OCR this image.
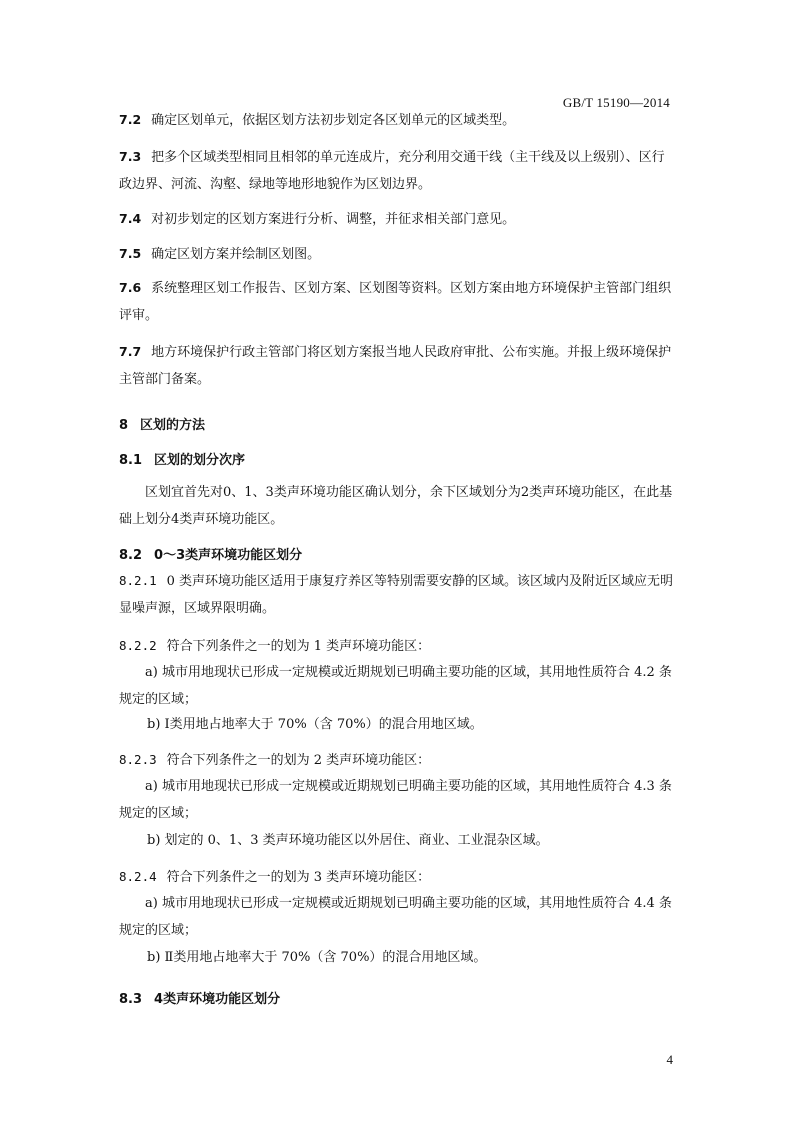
GB/T 15190—2014
7.2 确定区划单元，依据区划方法初步划定各区划单元的区域类型。
7.3 把多个区域类型相同且相邻的单元连成片，充分利用交通干线（主干线及以上级别）、区行政边界、河流、沟壑、绿地等地形地貌作为区划边界。
7.4 对初步划定的区划方案进行分析、调整，并征求相关部门意见。
7.5 确定区划方案并绘制区划图。
7.6 系统整理区划工作报告、区划方案、区划图等资料。区划方案由地方环境保护主管部门组织评审。
7.7 地方环境保护行政主管部门将区划方案报当地人民政府审批、公布实施。并报上级环境保护主管部门备案。
8 区划的方法
8.1 区划的划分次序
区划宜首先对0、1、3类声环境功能区确认划分，余下区域划分为2类声环境功能区，在此基础上划分4类声环境功能区。
8.2 0～3类声环境功能区划分
8.2.1 0 类声环境功能区适用于康复疗养区等特别需要安静的区域。该区域内及附近区域应无明显噪声源，区域界限明确。
8.2.2 符合下列条件之一的划为 1 类声环境功能区：
a) 城市用地现状已形成一定规模或近期规划已明确主要功能的区域，其用地性质符合 4.2 条规定的区域；
b) Ⅰ类用地占地率大于 70%（含 70%）的混合用地区域。
8.2.3 符合下列条件之一的划为 2 类声环境功能区：
a) 城市用地现状已形成一定规模或近期规划已明确主要功能的区域，其用地性质符合 4.3 条规定的区域；
b) 划定的 0、1、3 类声环境功能区以外居住、商业、工业混杂区域。
8.2.4 符合下列条件之一的划为 3 类声环境功能区：
a) 城市用地现状已形成一定规模或近期规划已明确主要功能的区域，其用地性质符合 4.4 条规定的区域；
b) Ⅱ类用地占地率大于 70%（含 70%）的混合用地区域。
8.3 4类声环境功能区划分
4
